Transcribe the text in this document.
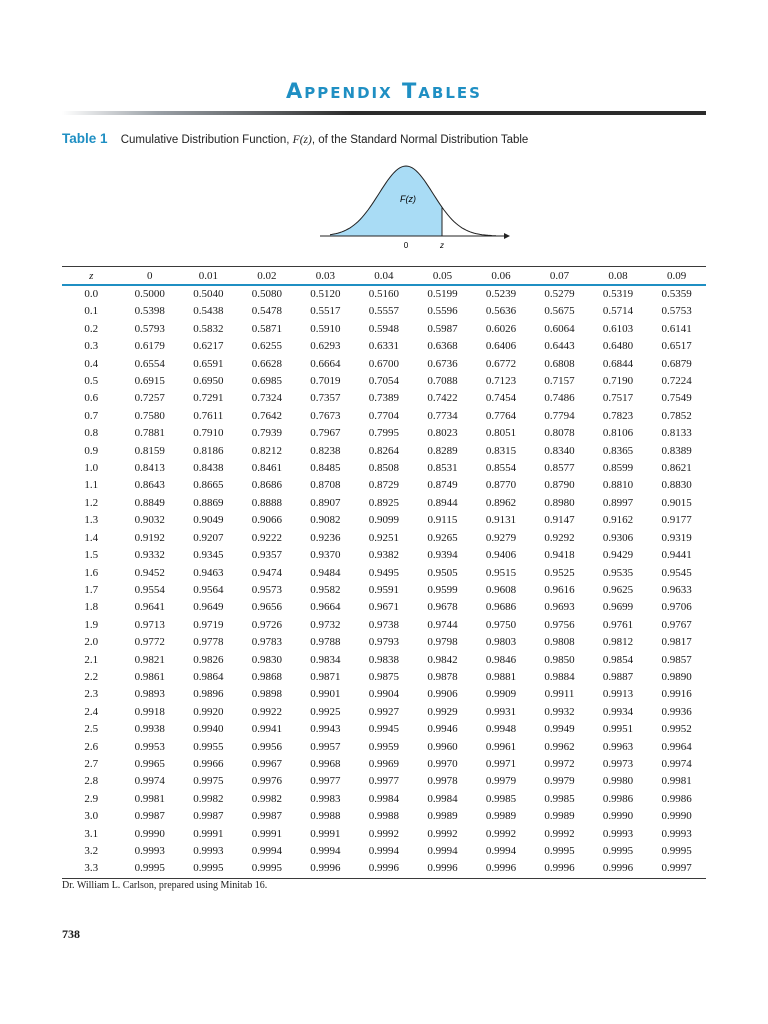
Appendix Tables
Table 1 Cumulative Distribution Function, F(z), of the Standard Normal Distribution Table
F(z)
0	z
z	0	0.01	0.02	0.03	0.04	0.05	0.06	0.07	0.08	0.09
0.0	0.5000	0.5040	0.5080	0.5120	0.5160	0.5199	0.5239	0.5279	0.5319	0.5359
0.1	0.5398	0.5438	0.5478	0.5517	0.5557	0.5596	0.5636	0.5675	0.5714	0.5753
0.2	0.5793	0.5832	0.5871	0.5910	0.5948	0.5987	0.6026	0.6064	0.6103	0.6141
0.3	0.6179	0.6217	0.6255	0.6293	0.6331	0.6368	0.6406	0.6443	0.6480	0.6517
0.4	0.6554	0.6591	0.6628	0.6664	0.6700	0.6736	0.6772	0.6808	0.6844	0.6879
0.5	0.6915	0.6950	0.6985	0.7019	0.7054	0.7088	0.7123	0.7157	0.7190	0.7224
0.6	0.7257	0.7291	0.7324	0.7357	0.7389	0.7422	0.7454	0.7486	0.7517	0.7549
0.7	0.7580	0.7611	0.7642	0.7673	0.7704	0.7734	0.7764	0.7794	0.7823	0.7852
0.8	0.7881	0.7910	0.7939	0.7967	0.7995	0.8023	0.8051	0.8078	0.8106	0.8133
0.9	0.8159	0.8186	0.8212	0.8238	0.8264	0.8289	0.8315	0.8340	0.8365	0.8389
1.0	0.8413	0.8438	0.8461	0.8485	0.8508	0.8531	0.8554	0.8577	0.8599	0.8621
1.1	0.8643	0.8665	0.8686	0.8708	0.8729	0.8749	0.8770	0.8790	0.8810	0.8830
1.2	0.8849	0.8869	0.8888	0.8907	0.8925	0.8944	0.8962	0.8980	0.8997	0.9015
1.3	0.9032	0.9049	0.9066	0.9082	0.9099	0.9115	0.9131	0.9147	0.9162	0.9177
1.4	0.9192	0.9207	0.9222	0.9236	0.9251	0.9265	0.9279	0.9292	0.9306	0.9319
1.5	0.9332	0.9345	0.9357	0.9370	0.9382	0.9394	0.9406	0.9418	0.9429	0.9441
1.6	0.9452	0.9463	0.9474	0.9484	0.9495	0.9505	0.9515	0.9525	0.9535	0.9545
1.7	0.9554	0.9564	0.9573	0.9582	0.9591	0.9599	0.9608	0.9616	0.9625	0.9633
1.8	0.9641	0.9649	0.9656	0.9664	0.9671	0.9678	0.9686	0.9693	0.9699	0.9706
1.9	0.9713	0.9719	0.9726	0.9732	0.9738	0.9744	0.9750	0.9756	0.9761	0.9767
2.0	0.9772	0.9778	0.9783	0.9788	0.9793	0.9798	0.9803	0.9808	0.9812	0.9817
2.1	0.9821	0.9826	0.9830	0.9834	0.9838	0.9842	0.9846	0.9850	0.9854	0.9857
2.2	0.9861	0.9864	0.9868	0.9871	0.9875	0.9878	0.9881	0.9884	0.9887	0.9890
2.3	0.9893	0.9896	0.9898	0.9901	0.9904	0.9906	0.9909	0.9911	0.9913	0.9916
2.4	0.9918	0.9920	0.9922	0.9925	0.9927	0.9929	0.9931	0.9932	0.9934	0.9936
2.5	0.9938	0.9940	0.9941	0.9943	0.9945	0.9946	0.9948	0.9949	0.9951	0.9952
2.6	0.9953	0.9955	0.9956	0.9957	0.9959	0.9960	0.9961	0.9962	0.9963	0.9964
2.7	0.9965	0.9966	0.9967	0.9968	0.9969	0.9970	0.9971	0.9972	0.9973	0.9974
2.8	0.9974	0.9975	0.9976	0.9977	0.9977	0.9978	0.9979	0.9979	0.9980	0.9981
2.9	0.9981	0.9982	0.9982	0.9983	0.9984	0.9984	0.9985	0.9985	0.9986	0.9986
3.0	0.9987	0.9987	0.9987	0.9988	0.9988	0.9989	0.9989	0.9989	0.9990	0.9990
3.1	0.9990	0.9991	0.9991	0.9991	0.9992	0.9992	0.9992	0.9992	0.9993	0.9993
3.2	0.9993	0.9993	0.9994	0.9994	0.9994	0.9994	0.9994	0.9995	0.9995	0.9995
3.3	0.9995	0.9995	0.9995	0.9996	0.9996	0.9996	0.9996	0.9996	0.9996	0.9997
Dr. William L. Carlson, prepared using Minitab 16.
738
